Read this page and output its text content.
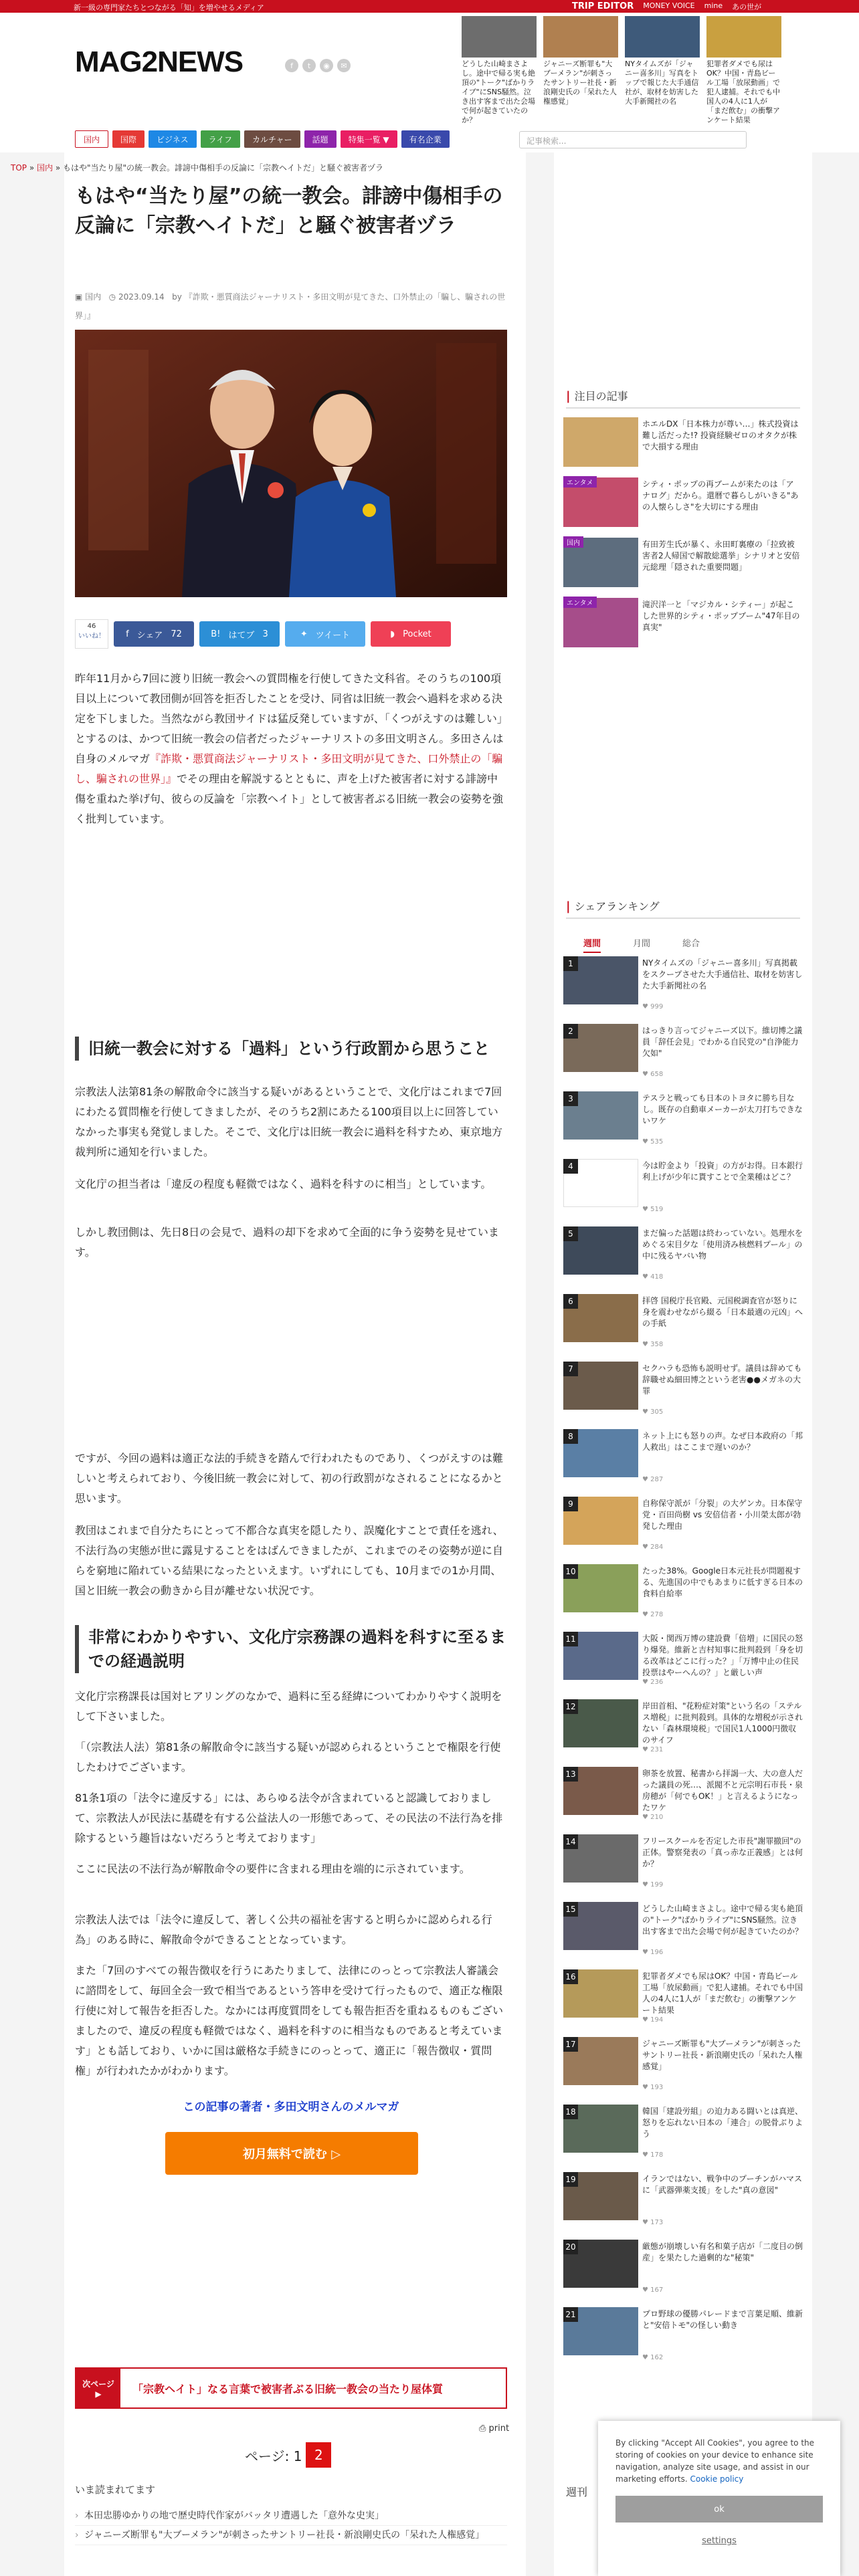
新一級の専門家たちとつながる「知」を増やせるメディア	TRIP EDITOR MONEY VOICE mine あの世が
MAG2NEWS	f	t	◉	✉	どうした山崎まさよし。途中で帰る実も絶頂の"トーク"ばかりライブ"にSNS騒然。泣き出す客まで出た会場で何が起きていたのか？
ジャニーズ断罪も"大ブーメラン"が刺さったサントリー社長・新浪剛史氏の「呆れた人権感覚」
NYタイムズが「ジャニー喜多川」写真をトップで報じた大手通信社が、取材を妨害した大手新聞社の名
犯罪者ダメでも尿はOK？中国・青島ビール工場「放尿動画」で犯人逮捕。それでも中国人の4人に1人が「まだ飲む」の衝撃アンケート結果
国内	国際	ビジネス	ライフ	カルチャー	話題	特集一覧 ▼	有名企業	記事検索...
TOP » 国内 » もはや"当たり屋"の統一教会。誹謗中傷相手の反論に「宗教ヘイトだ」と騒ぐ被害者ヅラ
もはや“当たり屋”の統一教会。誹謗中傷相手の反論に「宗教ヘイトだ」と騒ぐ被害者ヅラ
▣ 国内 ◷ 2023.09.14 by 『詐欺・悪質商法ジャーナリスト・多田文明が見てきた、口外禁止の「騙し、騙されの世界」』
46
いいね！	f シェア 72	B! はてブ 3	✦ ツイート	◗ Pocket

昨年11月から7回に渡り旧統一教会への質問権を行使してきた文科省。そのうちの100項目以上について教団側が回答を拒否したことを受け、同省は旧統一教会へ過料を求める決定を下しました。当然ながら教団サイドは猛反発していますが、「くつがえすのは難しい」とするのは、かつて旧統一教会の信者だったジャーナリストの多田文明さん。多田さんは自身のメルマガ『詐欺・悪質商法ジャーナリスト・多田文明が見てきた、口外禁止の「騙し、騙されの世界」』でその理由を解説するとともに、声を上げた被害者に対する誹謗中傷を重ねた挙げ句、彼らの反論を「宗教ヘイト」として被害者ぶる旧統一教会の姿勢を強く批判しています。

旧統一教会に対する「過料」という行政罰から思うこと

宗教法人法第81条の解散命令に該当する疑いがあるということで、文化庁はこれまで7回にわたる質問権を行使してきましたが、そのうち2割にあたる100項目以上に回答していなかった事実も発覚しました。そこで、文化庁は旧統一教会に過料を科すため、東京地方裁判所に通知を行いました。

文化庁の担当者は「違反の程度も軽微ではなく、過料を科すのに相当」としています。

しかし教団側は、先日8日の会見で、過料の却下を求めて全面的に争う姿勢を見せています。

ですが、今回の過料は適正な法的手続きを踏んで行われたものであり、くつがえすのは難しいと考えられており、今後旧統一教会に対して、初の行政罰がなされることになるかと思います。

教団はこれまで自分たちにとって不都合な真実を隠したり、誤魔化すことで責任を逃れ、不法行為の実態が世に露見することをはばんできましたが、これまでのその姿勢が逆に自らを窮地に陥れている結果になったといえます。いずれにしても、10月までの1か月間、国と旧統一教会の動きから目が離せない状況です。

非常にわかりやすい、文化庁宗務課の過料を科すに至るまでの経過説明

文化庁宗務課長は国対ヒアリングのなかで、過料に至る経緯についてわかりやすく説明をして下さいました。

「（宗教法人法）第81条の解散命令に該当する疑いが認められるということで権限を行使したわけでございます。

81条1項の「法令に違反する」には、あらゆる法令が含まれていると認識しておりまして、宗教法人が民法に基礎を有する公益法人の一形態であって、その民法の不法行為を排除するという趣旨はないだろうと考えております」

ここに民法の不法行為が解散命令の要件に含まれる理由を端的に示されています。

宗教法人法では「法令に違反して、著しく公共の福祉を害すると明らかに認められる行為」のある時に、解散命令ができることとなっています。

また「7回のすべての報告徴収を行うにあたりまして、法律にのっとって宗教法人審議会に諮問をして、毎回全会一致で相当であるという答申を受けて行ったもので、適正な権限行使に対して報告を拒否した。なかには再度質問をしても報告拒否を重ねるものもございましたので、違反の程度も軽微ではなく、過料を科すのに相当なものであると考えています」とも話しており、いかに国は厳格な手続きにのっとって、適正に「報告徴収・質問権」が行われたかがわかります。

この記事の著者・多田文明さんのメルマガ
初月無料で読む ▷
次ページ
▶	「宗教ヘイト」なる言葉で被害者ぶる旧統一教会の当たり屋体質
⎙ print
ページ: 1 2
いま読まれてます
› 本田忠勝ゆかりの地で歴史時代作家がバッタリ遭遇した「意外な史実」
› ジャニーズ断罪も"大ブーメラン"が刺さったサントリー社長・新浪剛史氏の「呆れた人権感覚」
| 注目の記事
ホエルDX「日本株力が尊い…」株式投資は難し活だった!? 投資経験ゼロのオタクが株で大損する理由
エンタメ	シティ・ポップの再ブームが来たのは「アナログ」だから。還暦で暮らしがいきる"あの人懐らしさ"を大切にする理由
国内	有田芳生氏が暴く、永田町裏療の「拉致被害者2人帰国で解散総選挙」シナリオと安倍元総理「隠された重要問題」
エンタメ	滝沢洋一と「マジカル・シティー」が起こした世界的シティ・ポップブーム"47年目の真実"
| シェアランキング
週間	月間	総合
1	NYタイムズの「ジャニー喜多川」写真掲載をスクープさせた大手通信社、取材を妨害した大手新聞社の名
♥ 999
2	はっきり言ってジャニーズ以下。維切博之議員「辞任会見」でわかる自民党の"自浄能力欠如"
♥ 658
3	テスラと戦っても日本のトヨタに勝ち目なし。既存の自動車メーカーが太刀打ちできないワケ
♥ 535
4	今は貯金より「投資」の方がお得。日本銀行利上げが少年に貰すことで全業種はどこ？
♥ 519
5	まだ偏った話題は終わっていない。処理水をめぐる宋目夕な「使用済み核燃料プール」の中に残るヤバい物
♥ 418
6	拝啓 国税庁長官殿、元国税調査官が怒りに身を震わせながら綴る「日本最適の元凶」への手紙
♥ 358
7	セクハラも恐怖も説明せず。議員は辞めても辞職せぬ細田博之という老害●●メガネの大罪
♥ 305
8	ネット上にも怒りの声。なぜ日本政府の「邦人救出」はここまで遅いのか？
♥ 287
9	自称保守派が「分裂」の大ゲンカ。日本保守党・百田尚樹 vs 安倍信者・小川榮太郎が勃発した理由
♥ 284
10	たった38%。Google日本元社長が問題視する、先進国の中でもあまりに低すぎる日本の食料自給率
♥ 278
11	大阪・関西万博の建設費「倍増」に国民の怒り爆発。維新と吉村知事に批判殺到「身を切る改革はどこに行った？」「万博中止の住民投票はやーへんの？」と厳しい声
♥ 236
12	岸田首相、"花粉症対策"という名の「ステルス増税」に批判殺到。具体的な増税が示されない「森林環境税」で国民1人1000円徴収のサイフ
♥ 231
13	卵茶を放置、秘書から拝謁一大、大の意人だった議員の死…、派閥不と元宗明石市長・泉房穂が「何でもOK！」と言えるようになったワケ
♥ 210
14	フリースクールを否定した市長"謝罪撤回"の正体。警察発表の「真っ赤な正義感」とは何か？
♥ 199
15	どうした山崎まさよし。途中で帰る実も絶頂の"トーク"ばかりライブ"にSNS騒然。泣き出す客まで出た会場で何が起きていたのか？
♥ 196
16	犯罪者ダメでも尿はOK？中国・青島ビール工場「放尿動画」で犯人逮捕。それでも中国人の4人に1人が「まだ飲む」の衝撃アンケート結果
♥ 194
17	ジャニーズ断罪も"大ブーメラン"が刺さったサントリー社長・新浪剛史氏の「呆れた人権感覚」
♥ 193
18	韓国「建設労組」の迫力ある闘いとは真逆、怒りを忘れない日本の「連合」の脱骨ぶりよう
♥ 178
19	イランではない、戦争中のプーチンがハマスに「武器弾薬支援」をした"真の意図"
♥ 173
20	厳態が崩壊しい有名和菓子店が「二度目の倒産」を果たした過剰的な"秘策"
♥ 167
21	プロ野球の優勝パレードまで言葉足順、維新と"安倍トモ"の怪しい動き
♥ 162
週刊
By clicking "Accept All Cookies", you agree to the storing of cookies on your device to enhance site navigation, analyze site usage, and assist in our marketing efforts. Cookie policy
ok
settings
